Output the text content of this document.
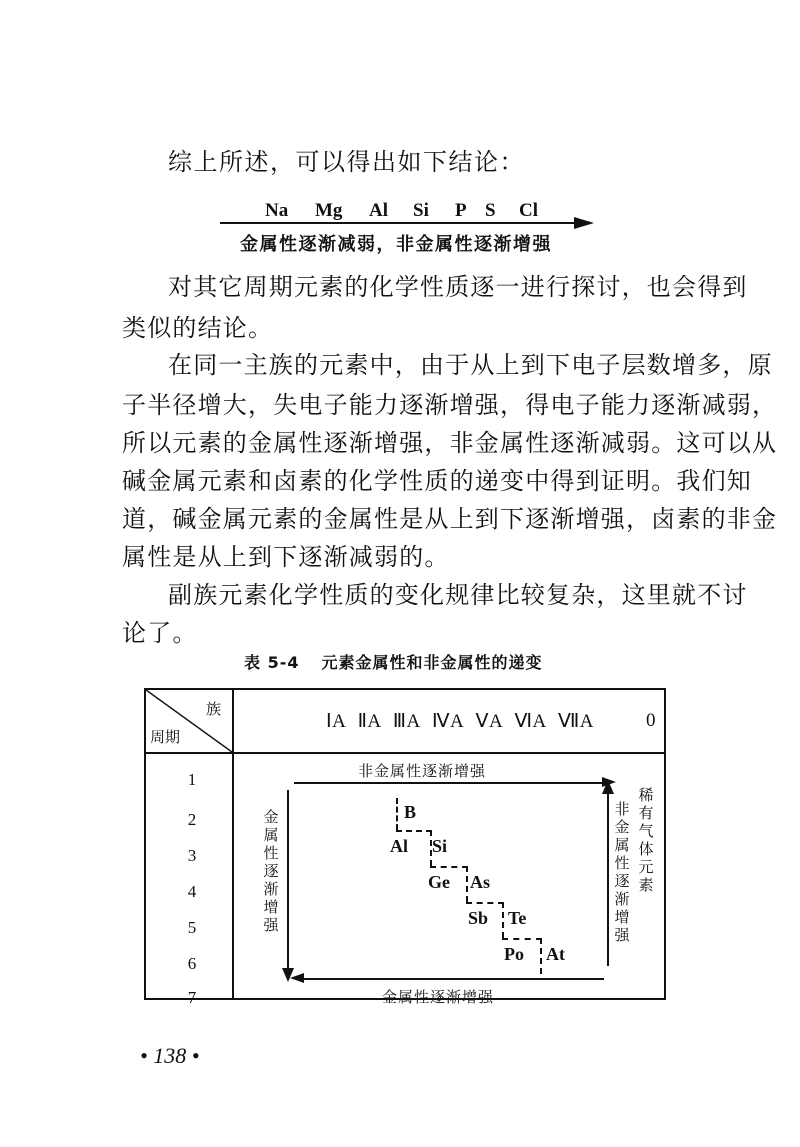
综上所述，可以得出如下结论：
Na Mg Al Si P S Cl
金属性逐渐减弱，非金属性逐渐增强
对其它周期元素的化学性质逐一进行探讨，也会得到
类似的结论。
在同一主族的元素中，由于从上到下电子层数增多，原
子半径增大，失电子能力逐渐增强，得电子能力逐渐减弱，
所以元素的金属性逐渐增强，非金属性逐渐减弱。这可以从
碱金属元素和卤素的化学性质的递变中得到证明。我们知
道，碱金属元素的金属性是从上到下逐渐增强，卤素的非金
属性是从上到下逐渐减弱的。
副族元素化学性质的变化规律比较复杂，这里就不讨
论了。
表 5-4 元素金属性和非金属性的递变
族
周期
ⅠA ⅡA ⅢA ⅣA ⅤA ⅥA ⅦA	0
1
2
3
4
5
6
7
非金属性逐渐增强
金属性逐渐增强
金属性逐渐增强
非金属性逐渐增强
稀有气体元素
B
Al Si
Ge As
Sb Te
Po At
• 138 •
